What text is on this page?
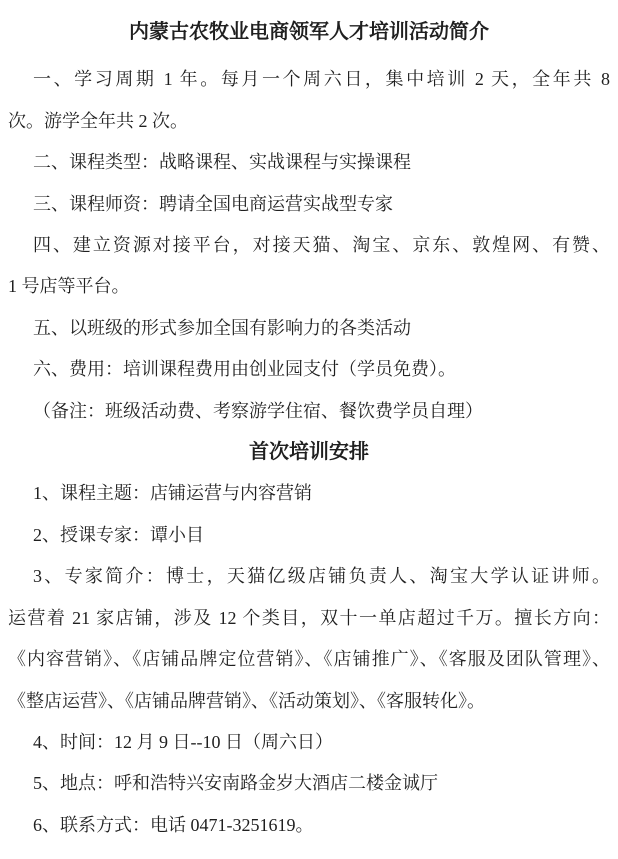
内蒙古农牧业电商领军人才培训活动简介

一、学习周期 1 年。每月一个周六日，集中培训 2 天，全年共 8

次。游学全年共 2 次。

二、课程类型：战略课程、实战课程与实操课程

三、课程师资：聘请全国电商运营实战型专家

四、建立资源对接平台，对接天猫、淘宝、京东、敦煌网、有赞、

1 号店等平台。

五、以班级的形式参加全国有影响力的各类活动

六、费用：培训课程费用由创业园支付（学员免费）。

（备注：班级活动费、考察游学住宿、餐饮费学员自理）

首次培训安排

1、课程主题：店铺运营与内容营销

2、授课专家：谭小目

3、专家简介：博士，天猫亿级店铺负责人、淘宝大学认证讲师。

运营着 21 家店铺，涉及 12 个类目，双十一单店超过千万。擅长方向：

《内容营销》、《店铺品牌定位营销》、《店铺推广》、《客服及团队管理》、

《整店运营》、《店铺品牌营销》、《活动策划》、《客服转化》。

4、时间：12 月 9 日--10 日（周六日）

5、地点：呼和浩特兴安南路金岁大酒店二楼金诚厅

6、联系方式：电话 0471-3251619。
